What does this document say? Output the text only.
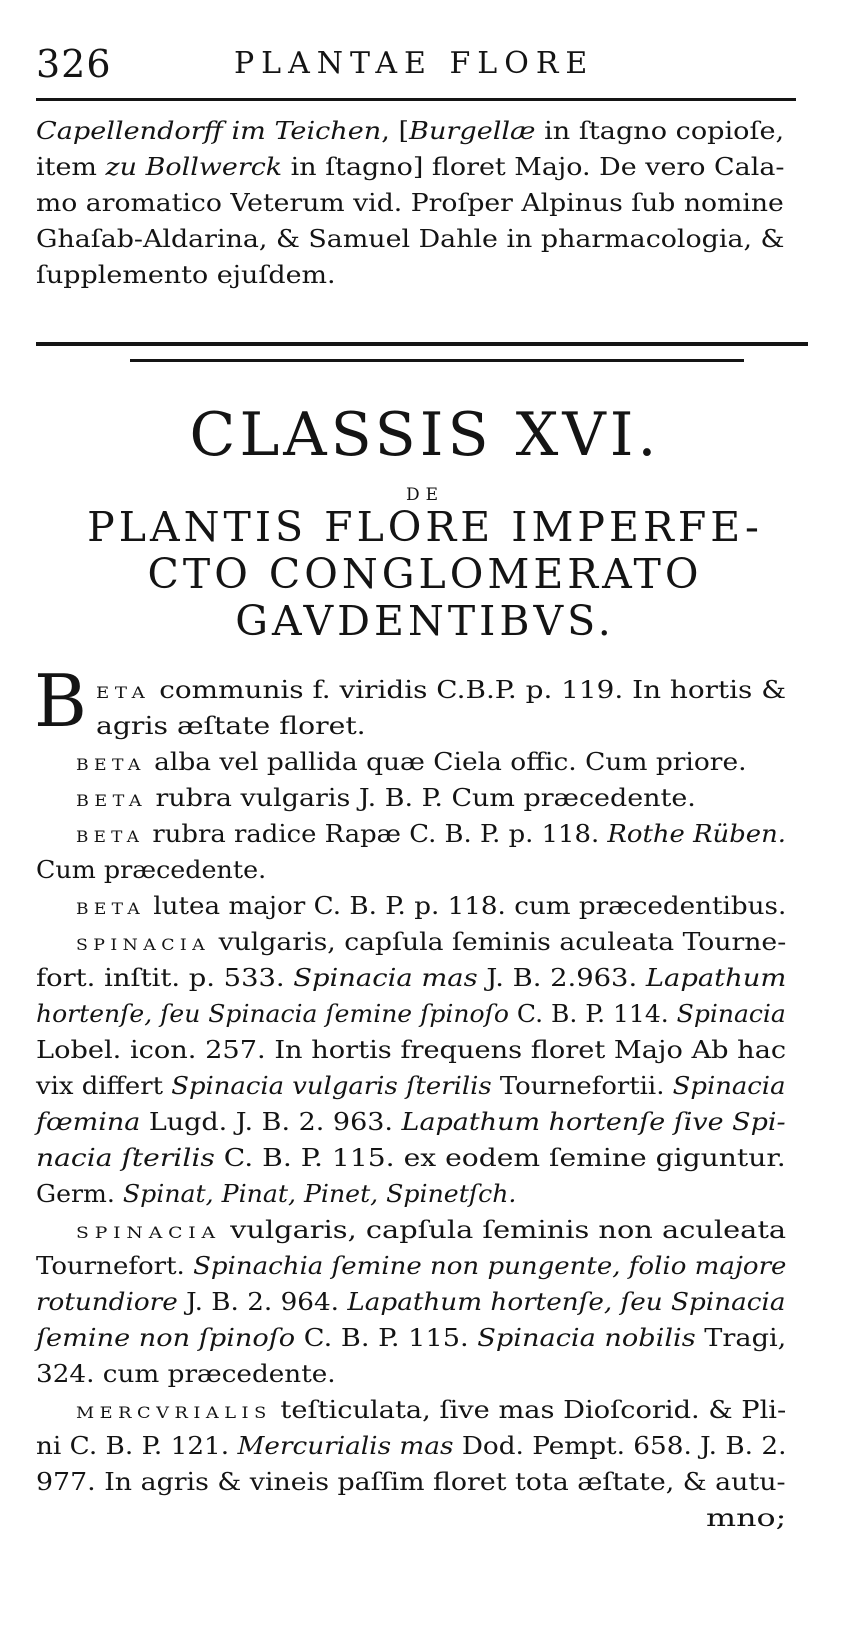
326	PLANTAE FLORE
Capellendorff im Teichen, [Burgellæ in ſtagno copioſe,
item zu Bollwerck in ſtagno] floret Majo. De vero Cala-
mo aromatico Veterum vid. Proſper Alpinus ſub nomine
Ghaſab-Aldarina, & Samuel Dahle in pharmacologia, &
ſupplemento ejuſdem.
CLASSIS XVI.
DE
PLANTIS FLORE IMPERFE-
CTO CONGLOMERATO
GAVDENTIBVS.
B ETA communis f. viridis C.B.P. p. 119. In hortis &
agris æſtate floret.
BETA alba vel pallida quæ Ciela offic. Cum priore.
BETA rubra vulgaris J. B. P. Cum præcedente.
BETA rubra radice Rapæ C. B. P. p. 118. Rothe Rüben.
Cum præcedente.
BETA lutea major C. B. P. p. 118. cum præcedentibus.
SPINACIA vulgaris, capſula ſeminis aculeata Tourne-
fort. inſtit. p. 533. Spinacia mas J. B. 2.963. Lapathum
hortenſe, ſeu Spinacia ſemine ſpinoſo C. B. P. 114. Spinacia
Lobel. icon. 257. In hortis frequens floret Majo Ab hac
vix differt Spinacia vulgaris ſterilis Tournefortii. Spinacia
fœmina Lugd. J. B. 2. 963. Lapathum hortenſe ſive Spi-
nacia ſterilis C. B. P. 115. ex eodem ſemine giguntur.
Germ. Spinat, Pinat, Pinet, Spinetſch.
SPINACIA vulgaris, capſula ſeminis non aculeata
Tournefort. Spinachia ſemine non pungente, folio majore
rotundiore J. B. 2. 964. Lapathum hortenſe, ſeu Spinacia
ſemine non ſpinoſo C. B. P. 115. Spinacia nobilis Tragi,
324. cum præcedente.
MERCVRIALIS teſticulata, ſive mas Dioſcorid. & Pli-
ni C. B. P. 121. Mercurialis mas Dod. Pempt. 658. J. B. 2.
977. In agris & vineis paſſim floret tota æſtate, & autu-
mno;
